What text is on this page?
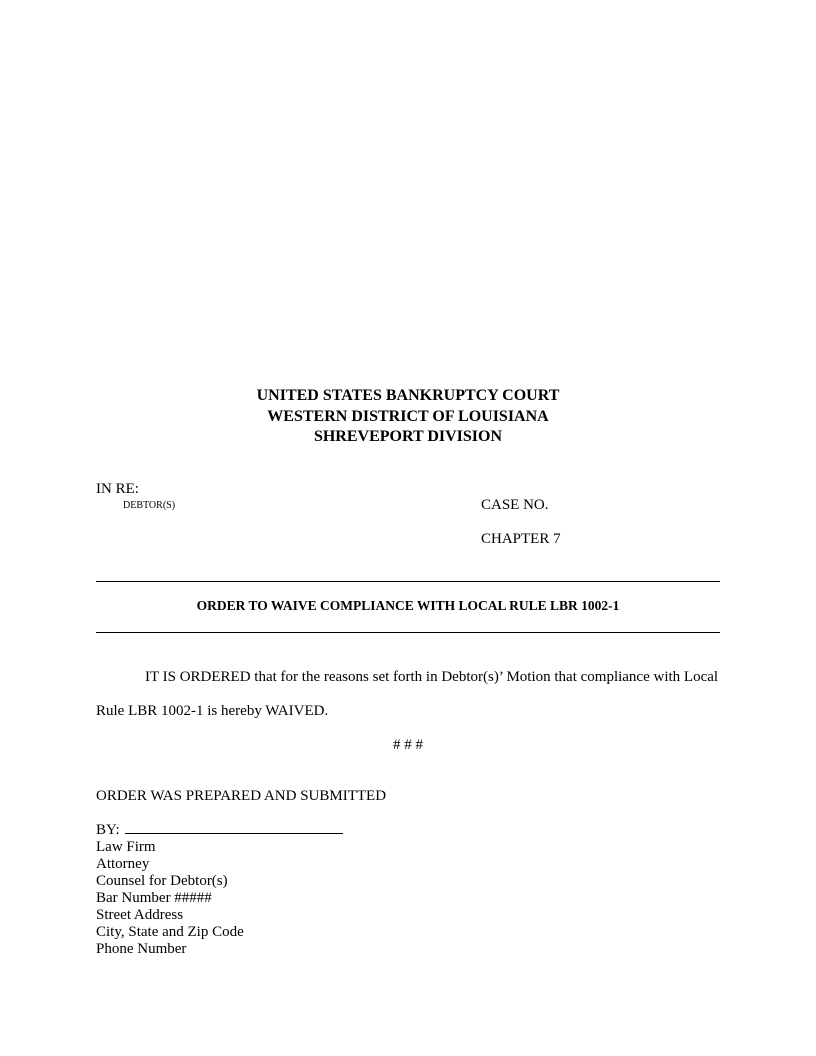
UNITED STATES BANKRUPTCY COURT
WESTERN DISTRICT OF LOUISIANA
SHREVEPORT DIVISION
IN RE:
DEBTOR(S)	CASE NO.
CHAPTER 7
ORDER TO WAIVE COMPLIANCE WITH LOCAL RULE LBR 1002-1
IT IS ORDERED that for the reasons set forth in Debtor(s)’ Motion that compliance with Local
Rule LBR 1002-1 is hereby WAIVED.
# # #
ORDER WAS PREPARED AND SUBMITTED
BY:
Law Firm
Attorney
Counsel for Debtor(s)
Bar Number #####
Street Address
City, State and Zip Code
Phone Number
